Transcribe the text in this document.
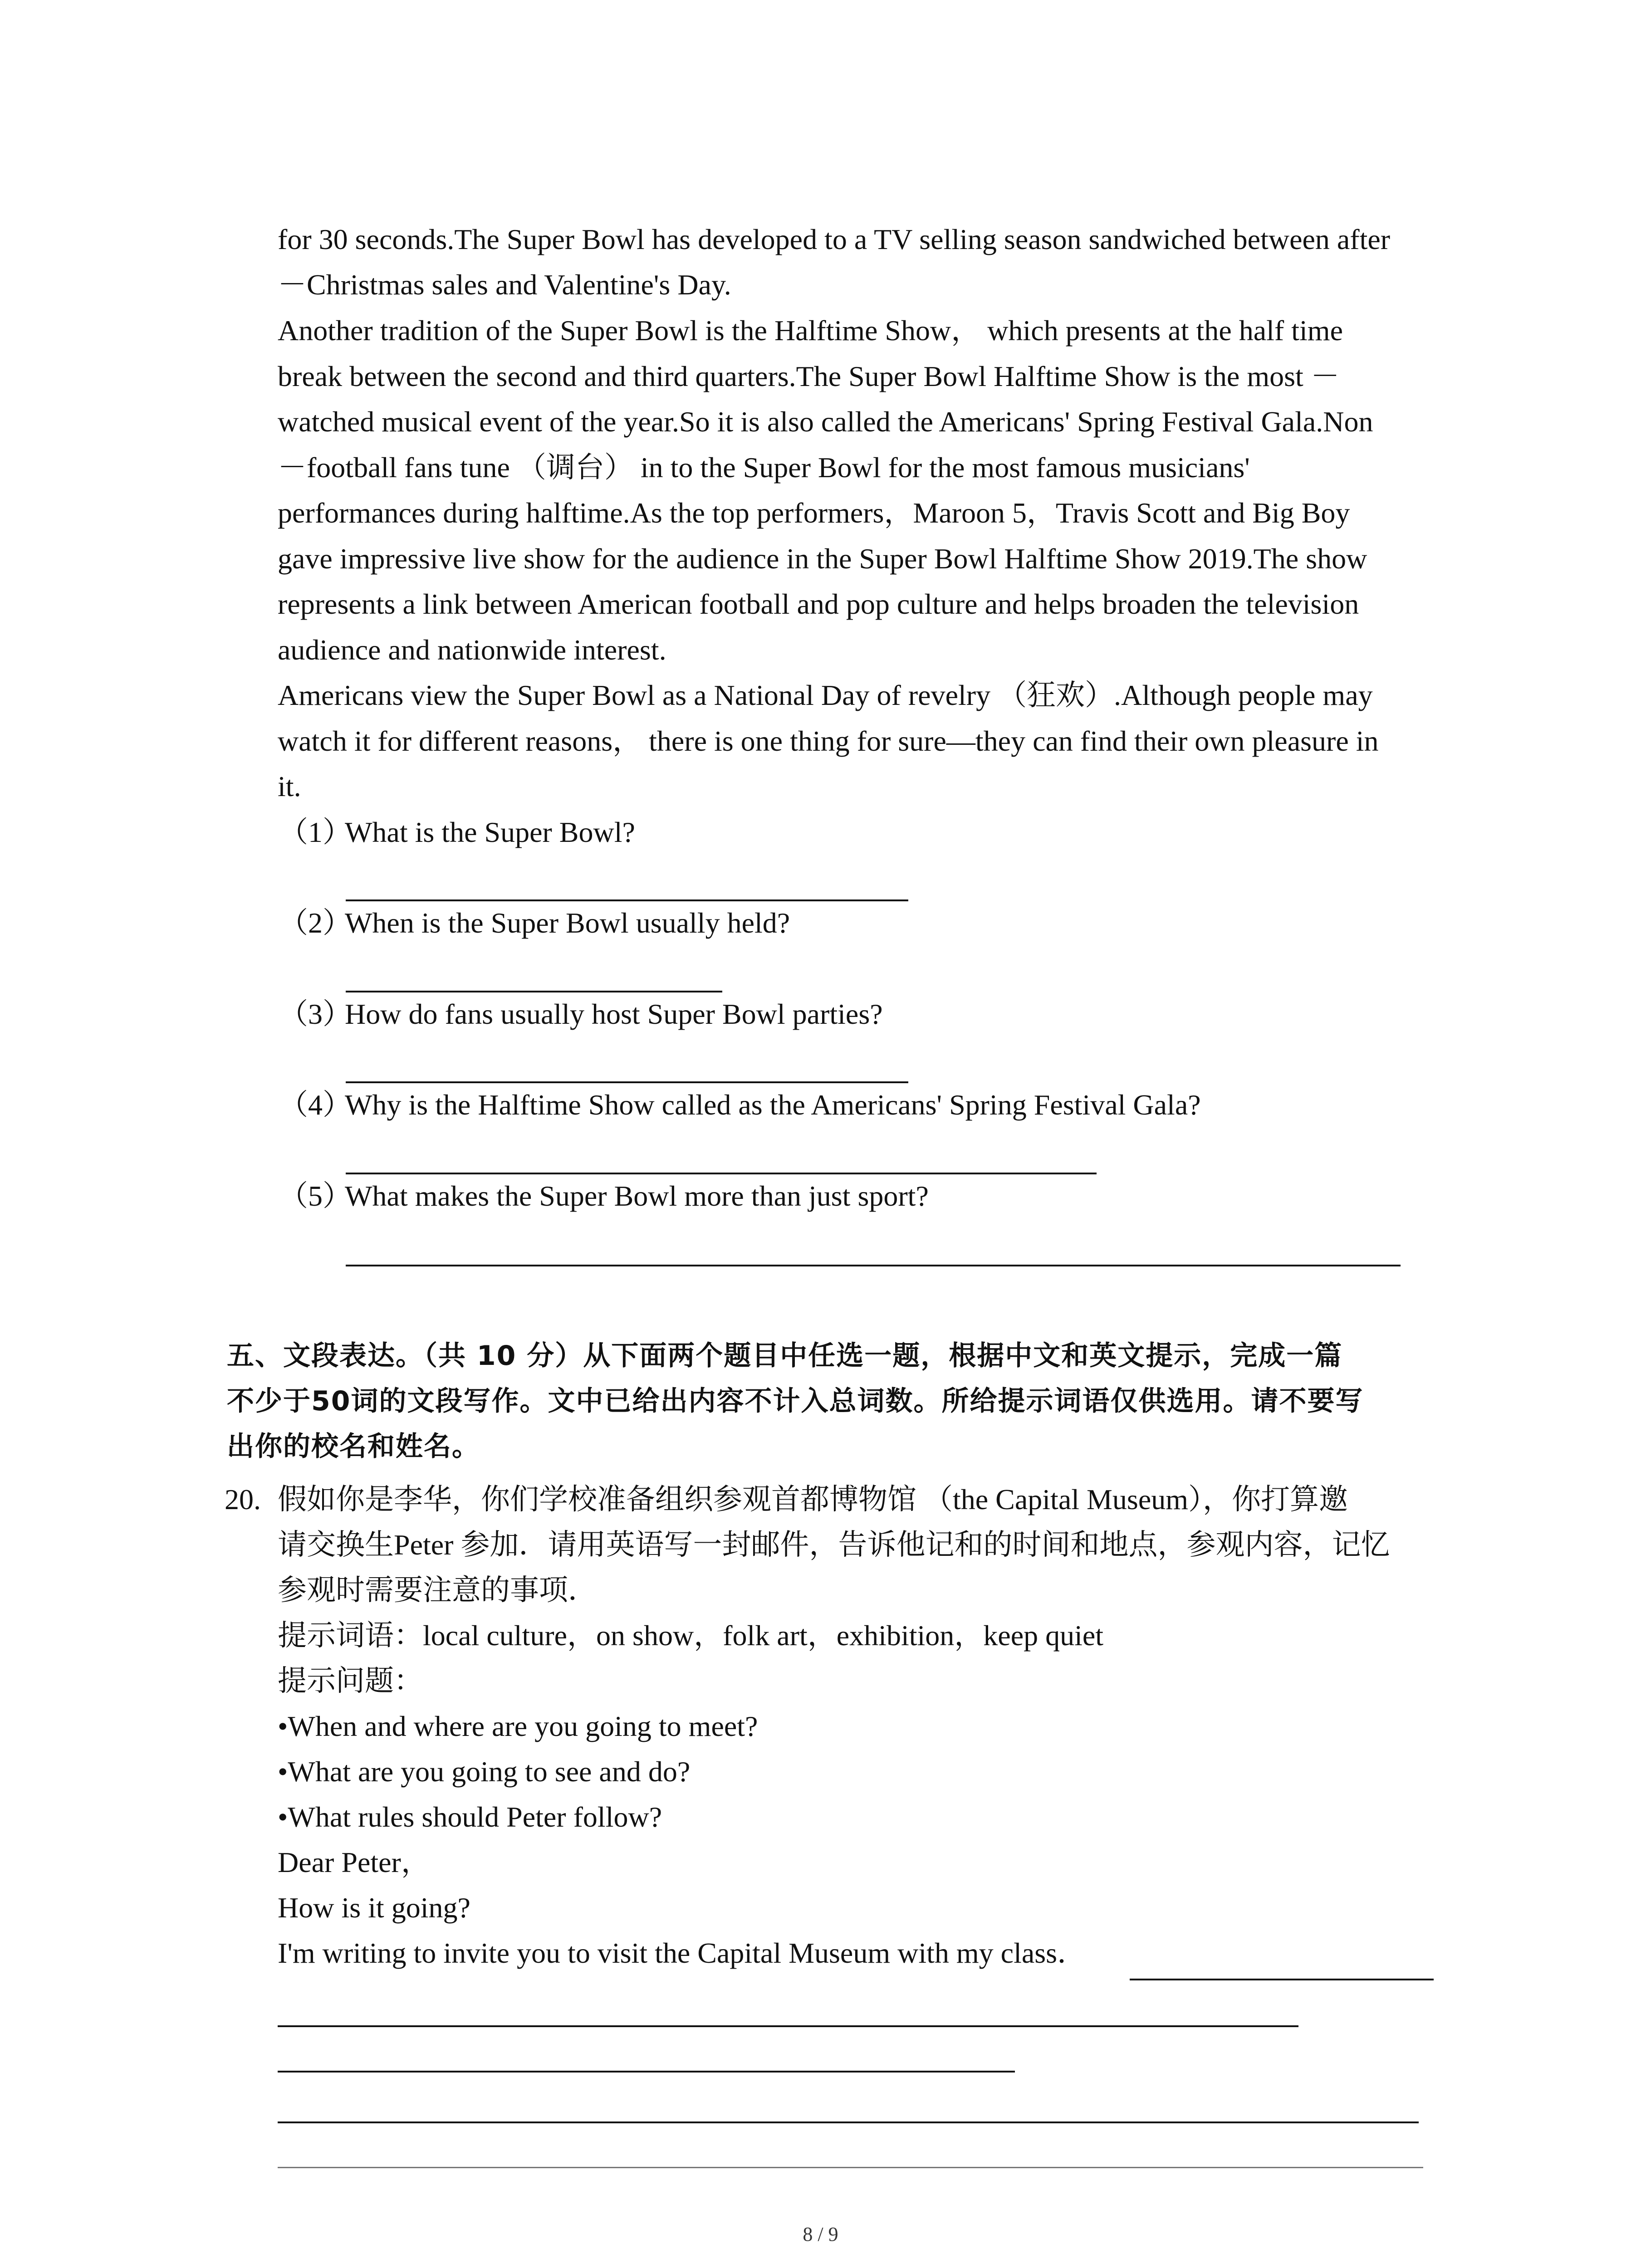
for 30 seconds.The Super Bowl has developed to a TV selling season sandwiched between after
－Christmas sales and Valentine's Day.
Another tradition of the Super Bowl is the Halftime Show， which presents at the half time
break between the second and third quarters.The Super Bowl Halftime Show is the most －
watched musical event of the year.So it is also called the Americans' Spring Festival Gala.Non
－football fans tune （调台） in to the Super Bowl for the most famous musicians'
performances during halftime.As the top performers，Maroon 5，Travis Scott and Big Boy
gave impressive live show for the audience in the Super Bowl Halftime Show 2019.The show
represents a link between American football and pop culture and helps broaden the television
audience and nationwide interest.
Americans view the Super Bowl as a National Day of revelry （狂欢）.Although people may
watch it for different reasons， there is one thing for sure—they can find their own pleasure in
it.
（1）
What is the Super Bowl?
（2）
When is the Super Bowl usually held?
（3）
How do fans usually host Super Bowl parties?
（4）
Why is the Halftime Show called as the Americans' Spring Festival Gala?
（5）
What makes the Super Bowl more than just sport?
五、文段表达。（共 10 分）从下面两个题目中任选一题，根据中文和英文提示，完成一篇
不少于50词的文段写作。文中已给出内容不计入总词数。所给提示词语仅供选用。请不要写
出你的校名和姓名。
20. 假如你是李华，你们学校准备组织参观首都博物馆 （the Capital Museum），你打算邀
请交换生Peter 参加．请用英语写一封邮件，告诉他记和的时间和地点，参观内容，记忆
参观时需要注意的事项．
提示词语：local culture，on show，folk art，exhibition，keep quiet
提示问题：
•When and where are you going to meet?
•What are you going to see and do?
•What rules should Peter follow?
Dear Peter，
How is it going?
I'm writing to invite you to visit the Capital Museum with my class．
8 / 9
